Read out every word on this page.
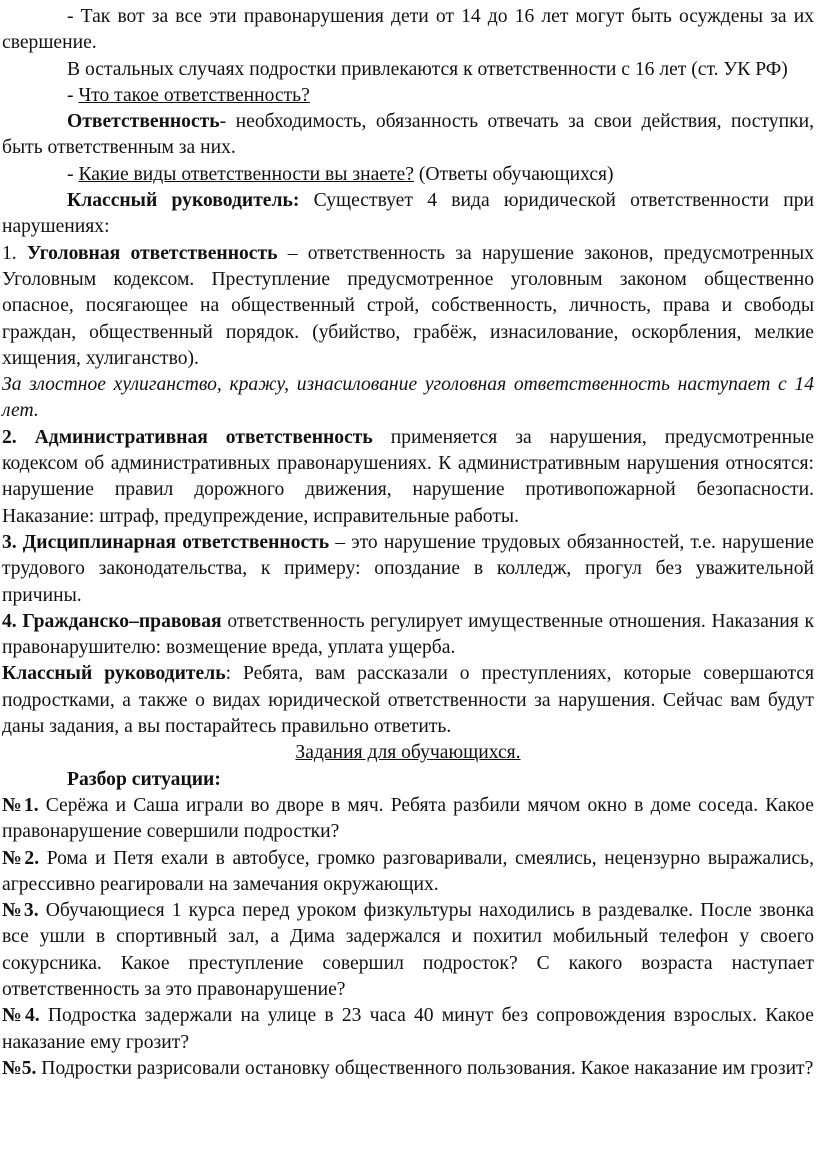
- Так вот за все эти правонарушения дети от 14 до 16 лет могут быть осуждены за их свершение.

В остальных случаях подростки привлекаются к ответственности с 16 лет (ст. УК РФ)

- Что такое ответственность?

Ответственность- необходимость, обязанность отвечать за свои действия, поступки, быть ответственным за них.

- Какие виды ответственности вы знаете? (Ответы обучающихся)

Классный руководитель: Существует 4 вида юридической ответственности при нарушениях:

1. Уголовная ответственность – ответственность за нарушение законов, предусмотренных Уголовным кодексом. Преступление предусмотренное уголовным законом общественно опасное, посягающее на общественный строй, собственность, личность, права и свободы граждан, общественный порядок. (убийство, грабёж, изнасилование, оскорбления, мелкие хищения, хулиганство).

За злостное хулиганство, кражу, изнасилование уголовная ответственность наступает с 14 лет.

2. Административная ответственность применяется за нарушения, предусмотренные кодексом об административных правонарушениях. К административным нарушения относятся: нарушение правил дорожного движения, нарушение противопожарной безопасности. Наказание: штраф, предупреждение, исправительные работы.

3. Дисциплинарная ответственность – это нарушение трудовых обязанностей, т.е. нарушение трудового законодательства, к примеру: опоздание в колледж, прогул без уважительной причины.

4. Гражданско–правовая ответственность регулирует имущественные отношения. Наказания к правонарушителю: возмещение вреда, уплата ущерба.

Классный руководитель: Ребята, вам рассказали о преступлениях, которые совершаются подростками, а также о видах юридической ответственности за нарушения. Сейчас вам будут даны задания, а вы постарайтесь правильно ответить.

Задания для обучающихся.

Разбор ситуации:

№1. Серёжа и Саша играли во дворе в мяч. Ребята разбили мячом окно в доме соседа. Какое правонарушение совершили подростки?

№2. Рома и Петя ехали в автобусе, громко разговаривали, смеялись, нецензурно выражались, агрессивно реагировали на замечания окружающих.

№3. Обучающиеся 1 курса перед уроком физкультуры находились в раздевалке. После звонка все ушли в спортивный зал, а Дима задержался и похитил мобильный телефон у своего сокурсника. Какое преступление совершил подросток? С какого возраста наступает ответственность за это правонарушение?

№4. Подростка задержали на улице в 23 часа 40 минут без сопровождения взрослых. Какое наказание ему грозит?

№5. Подростки разрисовали остановку общественного пользования. Какое наказание им грозит?
